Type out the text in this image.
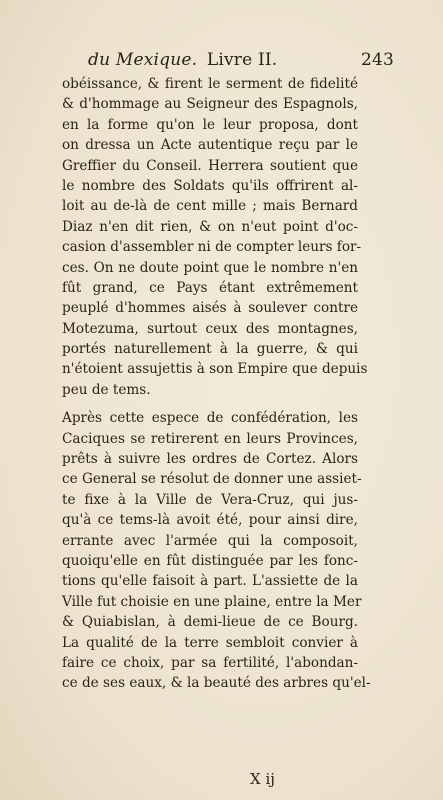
du Mexique. Livre II.	243
obéissance, & firent le serment de fidelité
& d'hommage au Seigneur des Espagnols,
en la forme qu'on le leur proposa, dont
on dressa un Acte autentique reçu par le
Greffier du Conseil. Herrera soutient que
le nombre des Soldats qu'ils offrirent al-
loit au de-là de cent mille ; mais Bernard
Diaz n'en dit rien, & on n'eut point d'oc-
casion d'assembler ni de compter leurs for-
ces. On ne doute point que le nombre n'en
fût grand, ce Pays étant extrêmement
peuplé d'hommes aisés à soulever contre
Motezuma, surtout ceux des montagnes,
portés naturellement à la guerre, & qui
n'étoient assujettis à son Empire que depuis
peu de tems.
Après cette espece de confédération, les
Caciques se retirerent en leurs Provinces,
prêts à suivre les ordres de Cortez. Alors
ce General se résolut de donner une assiet-
te fixe à la Ville de Vera-Cruz, qui jus-
qu'à ce tems-là avoit été, pour ainsi dire,
errante avec l'armée qui la composoit,
quoiqu'elle en fût distinguée par les fonc-
tions qu'elle faisoit à part. L'assiette de la
Ville fut choisie en une plaine, entre la Mer
& Quiabislan, à demi-lieue de ce Bourg.
La qualité de la terre sembloit convier à
faire ce choix, par sa fertilité, l'abondan-
ce de ses eaux, & la beauté des arbres qu'el-
X ij
